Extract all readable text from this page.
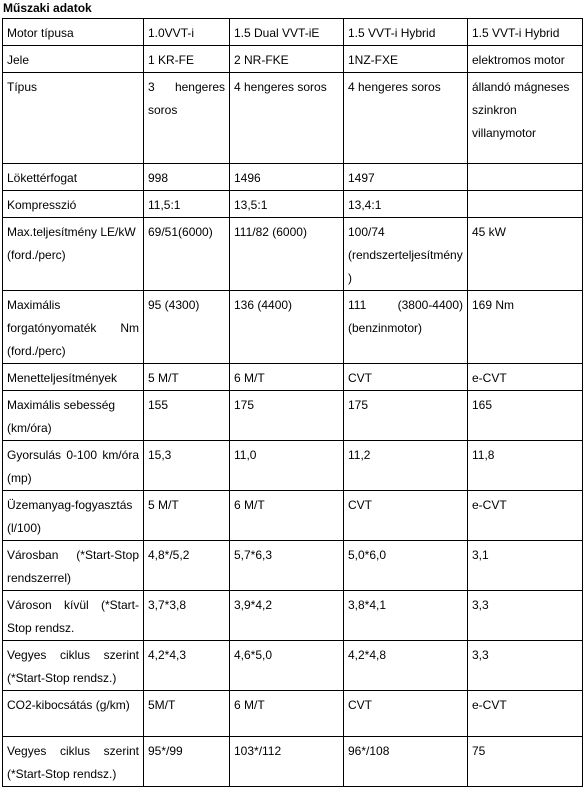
Műszaki adatok
Motor típusa	1.0VVT-i	1.5 Dual VVT-iE	1.5 VVT-i Hybrid	1.5 VVT-i Hybrid
Jele	1 KR-FE	2 NR-FKE	1NZ-FXE	elektromos motor
Típus	3 hengeres soros	4 hengeres soros	4 hengeres soros	állandó mágneses szinkron villanymotor
Lökettérfogat	998	1496	1497	
Kompresszió	11,5:1	13,5:1	13,4:1	
Max.teljesítmény LE/kW (ford./perc)	69/51(6000)	111/82 (6000)	100/74 (rendszerteljesítmény)	45 kW
Maximális forgatónyomaték Nm (ford./perc)	95 (4300)	136 (4400)	111 (3800-4400) (benzinmotor)	169 Nm
Menetteljesítmények	5 M/T	6 M/T	CVT	e-CVT
Maximális sebesség (km/óra)	155	175	175	165
Gyorsulás 0-100 km/óra (mp)	15,3	11,0	11,2	11,8
Üzemanyag-fogyasztás (l/100)	5 M/T	6 M/T	CVT	e-CVT
Városban (*Start-Stop rendszerrel)	4,8*/5,2	5,7*6,3	5,0*6,0	3,1
Városon kívül (*Start-Stop rendsz.	3,7*3,8	3,9*4,2	3,8*4,1	3,3
Vegyes ciklus szerint (*Start-Stop rendsz.)	4,2*4,3	4,6*5,0	4,2*4,8	3,3
CO2-kibocsátás (g/km)	5M/T	6 M/T	CVT	e-CVT
Vegyes ciklus szerint (*Start-Stop rendsz.)	95*/99	103*/112	96*/108	75
